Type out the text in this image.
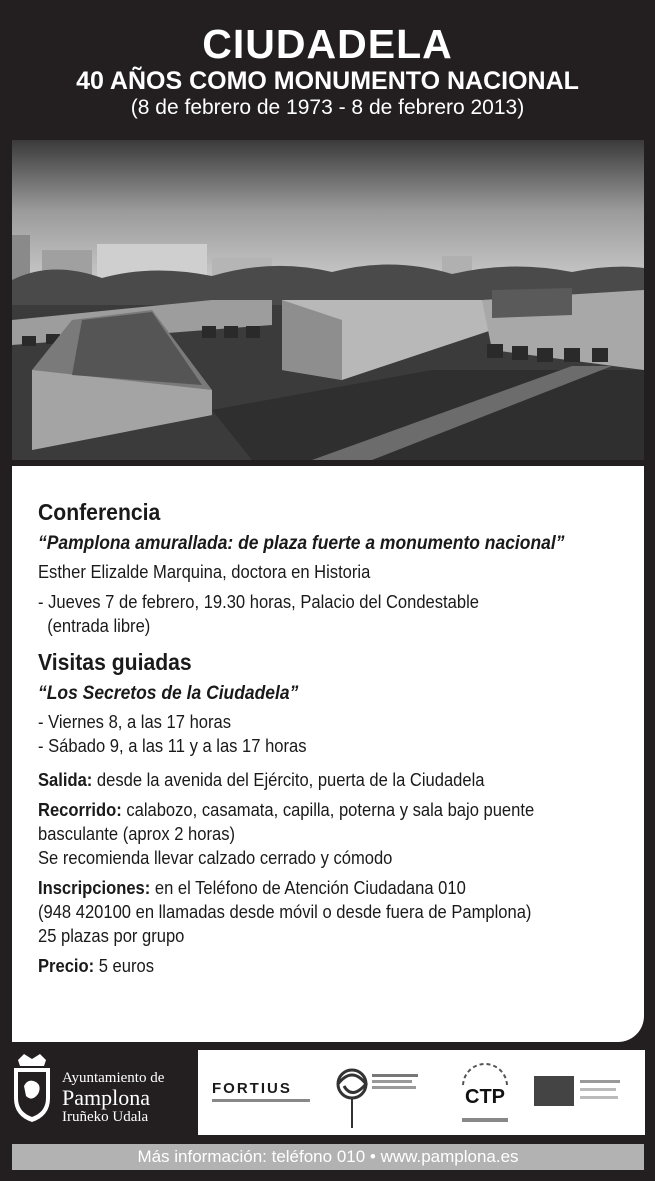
CIUDADELA
40 AÑOS COMO MONUMENTO NACIONAL
(8 de febrero de 1973 - 8 de febrero 2013)
Conferencia
“Pamplona amurallada: de plaza fuerte a monumento nacional”
Esther Elizalde Marquina, doctora en Historia
- Jueves 7 de febrero, 19.30 horas, Palacio del Condestable
(entrada libre)
Visitas guiadas
“Los Secretos de la Ciudadela”
- Viernes 8, a las 17 horas
- Sábado 9, a las 11 y a las 17 horas
Salida: desde la avenida del Ejército, puerta de la Ciudadela
Recorrido: calabozo, casamata, capilla, poterna y sala bajo puente
basculante (aprox 2 horas)
Se recomienda llevar calzado cerrado y cómodo
Inscripciones: en el Teléfono de Atención Ciudadana 010
(948 420100 en llamadas desde móvil o desde fuera de Pamplona)
25 plazas por grupo
Precio: 5 euros
Ayuntamiento de
Pamplona
Iruñeko Udala
FORTIUS	CTP
Más información: teléfono 010 • www.pamplona.es
